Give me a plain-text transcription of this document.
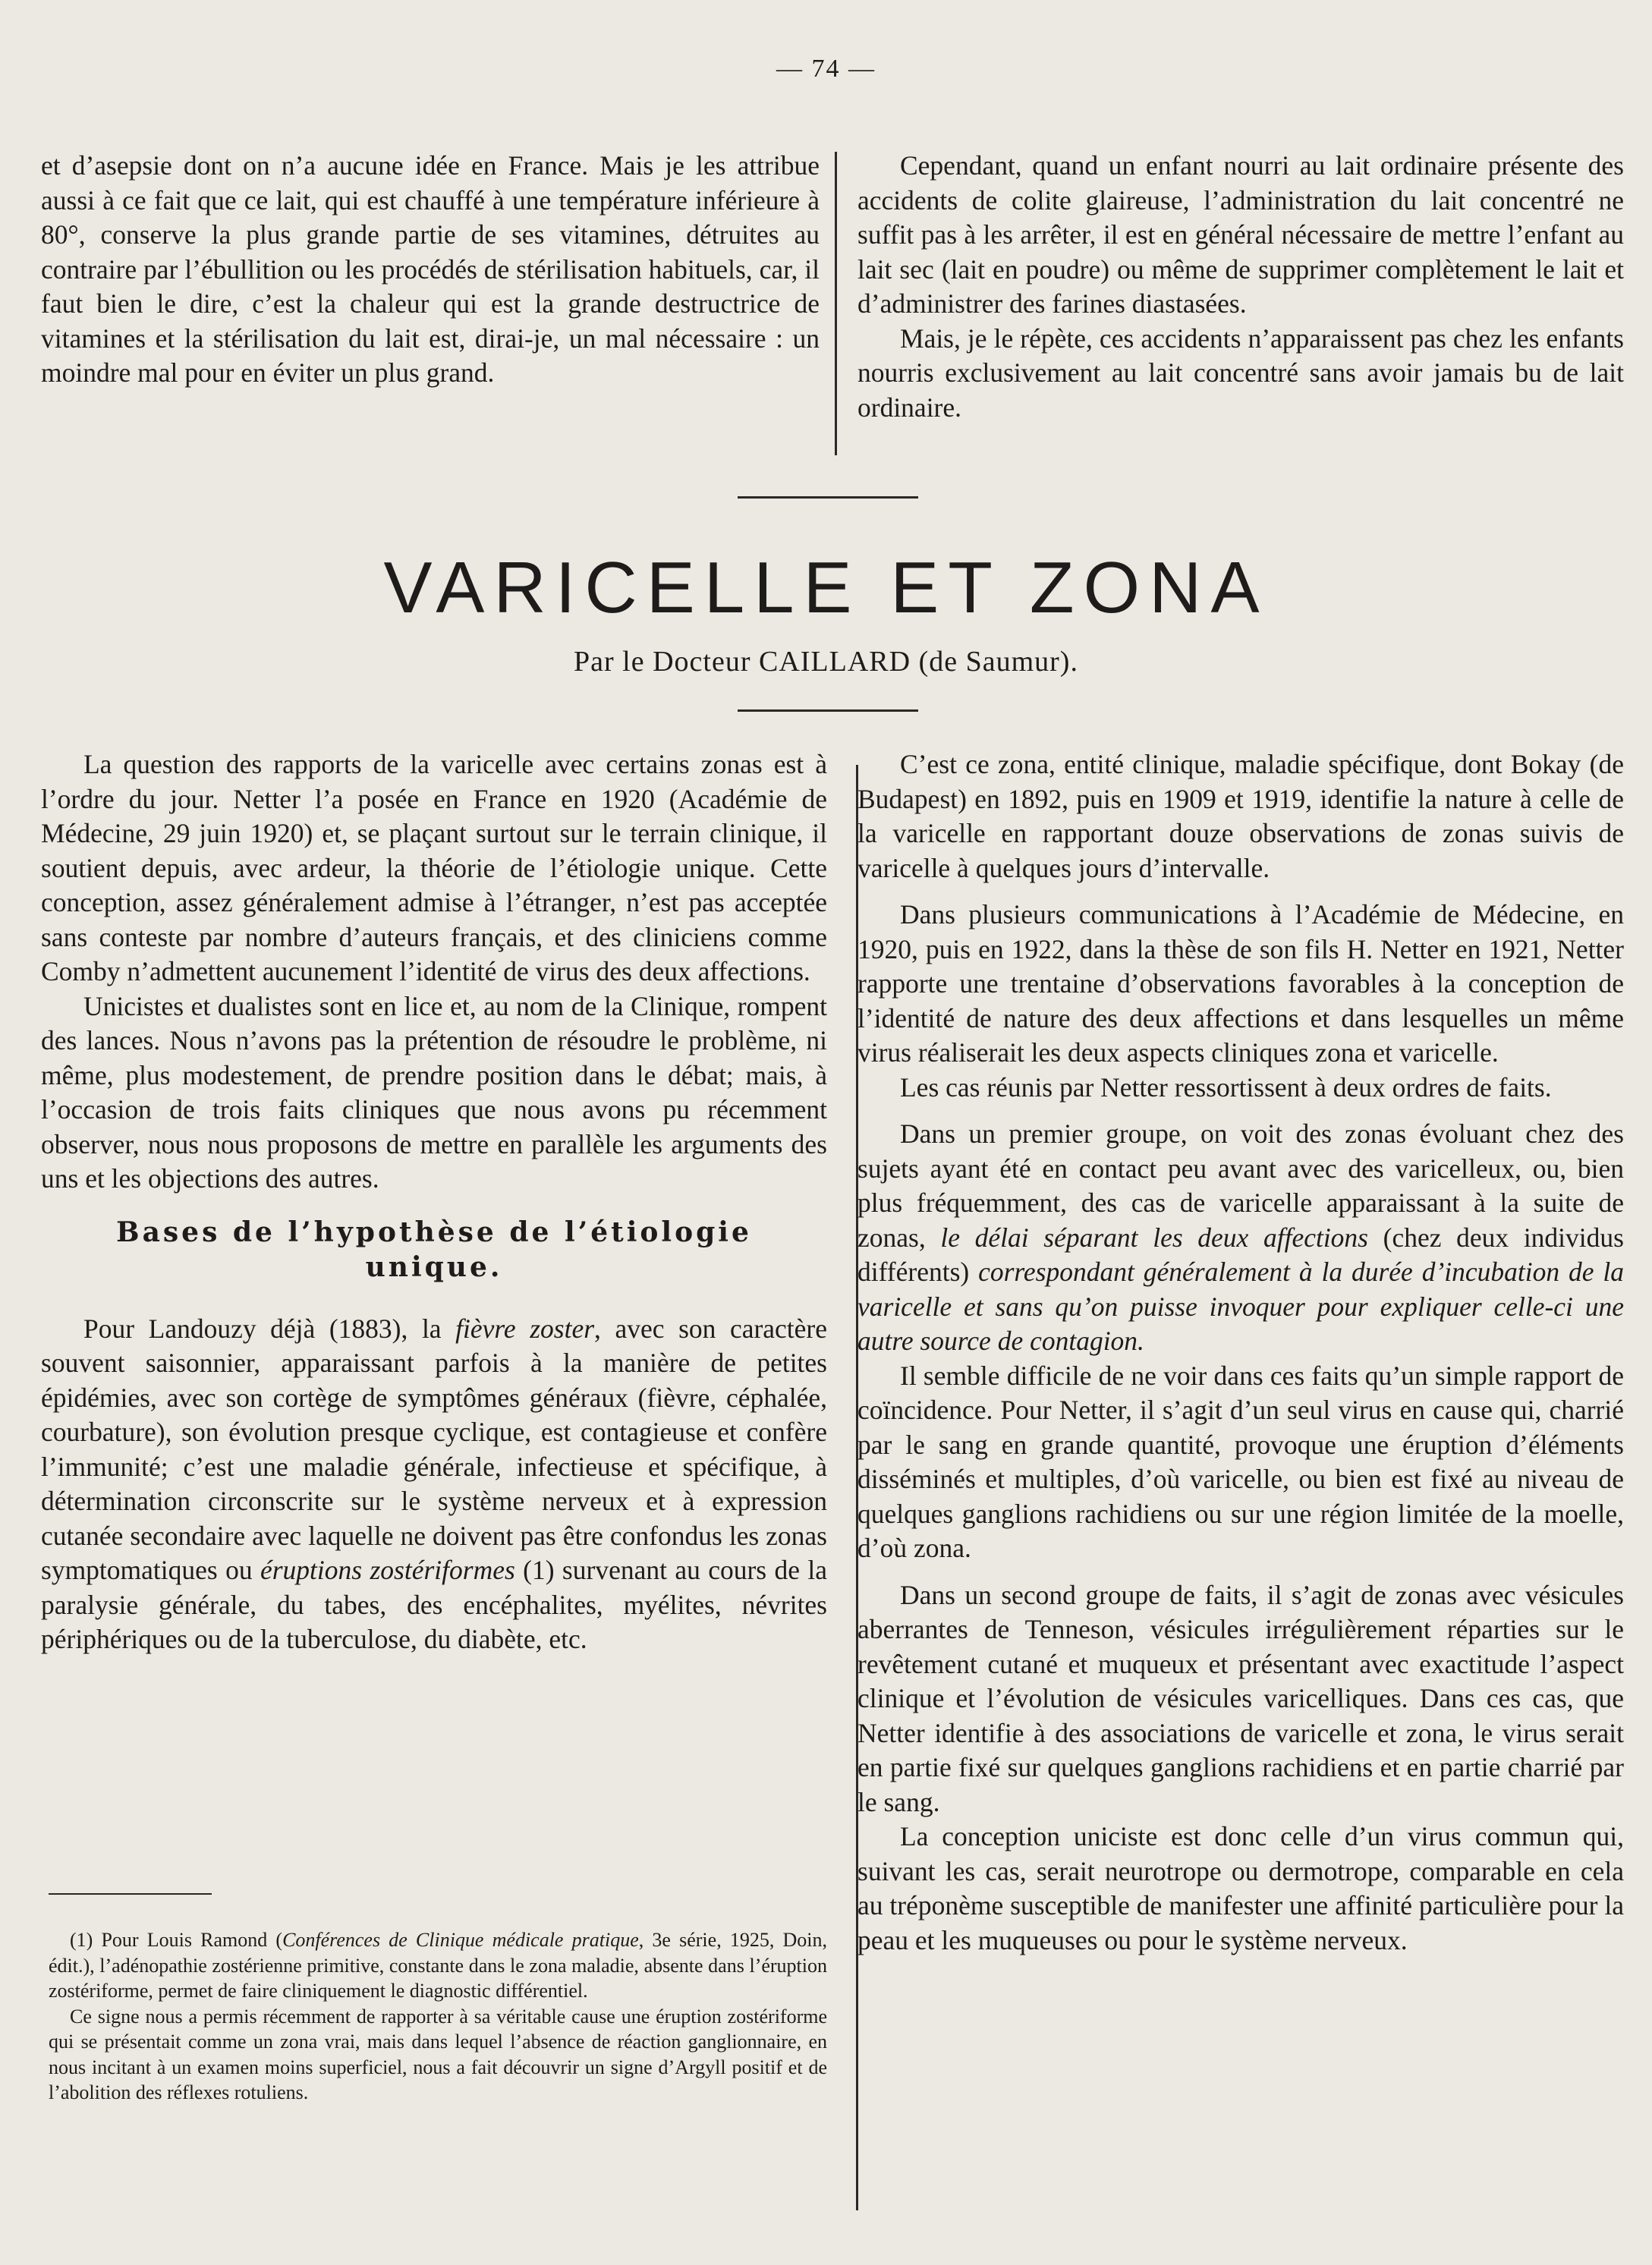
— 74 —

et d’asepsie dont on n’a aucune idée en France. Mais je les attribue aussi à ce fait que ce lait, qui est chauffé à une température inférieure à 80°, conserve la plus grande partie de ses vitamines, détruites au contraire par l’ébullition ou les procédés de stérilisation habituels, car, il faut bien le dire, c’est la chaleur qui est la grande destructrice de vitamines et la stérilisation du lait est, dirai-je, un mal nécessaire : un moindre mal pour en éviter un plus grand.

Cependant, quand un enfant nourri au lait ordinaire présente des accidents de colite glaireuse, l’administration du lait concentré ne suffit pas à les arrêter, il est en général nécessaire de mettre l’enfant au lait sec (lait en poudre) ou même de supprimer complètement le lait et d’administrer des farines diastasées.

Mais, je le répète, ces accidents n’apparaissent pas chez les enfants nourris exclusivement au lait concentré sans avoir jamais bu de lait ordinaire.

VARICELLE ET ZONA
Par le Docteur CAILLARD (de Saumur).

La question des rapports de la varicelle avec certains zonas est à l’ordre du jour. Netter l’a posée en France en 1920 (Académie de Médecine, 29 juin 1920) et, se plaçant surtout sur le terrain clinique, il soutient depuis, avec ardeur, la théorie de l’étiologie unique. Cette conception, assez généralement admise à l’étranger, n’est pas acceptée sans conteste par nombre d’auteurs français, et des cliniciens comme Comby n’admettent aucunement l’identité de virus des deux affections.

Unicistes et dualistes sont en lice et, au nom de la Clinique, rompent des lances. Nous n’avons pas la prétention de résoudre le problème, ni même, plus modestement, de prendre position dans le débat; mais, à l’occasion de trois faits cliniques que nous avons pu récemment observer, nous nous proposons de mettre en parallèle les arguments des uns et les objections des autres.

Bases de l’hypothèse de l’étiologie unique.

Pour Landouzy déjà (1883), la fièvre zoster, avec son caractère souvent saisonnier, apparaissant parfois à la manière de petites épidémies, avec son cortège de symptômes généraux (fièvre, céphalée, courbature), son évolution presque cyclique, est contagieuse et confère l’immunité; c’est une maladie générale, infectieuse et spécifique, à détermination circonscrite sur le système nerveux et à expression cutanée secondaire avec laquelle ne doivent pas être confondus les zonas symptomatiques ou éruptions zostériformes (1) survenant au cours de la paralysie générale, du tabes, des encéphalites, myélites, névrites périphériques ou de la tuberculose, du diabète, etc.

(1) Pour Louis Ramond (Conférences de Clinique médicale pratique, 3e série, 1925, Doin, édit.), l’adénopathie zostérienne primitive, constante dans le zona maladie, absente dans l’éruption zostériforme, permet de faire cliniquement le diagnostic différentiel.

Ce signe nous a permis récemment de rapporter à sa véritable cause une éruption zostériforme qui se présentait comme un zona vrai, mais dans lequel l’absence de réaction ganglionnaire, en nous incitant à un examen moins superficiel, nous a fait découvrir un signe d’Argyll positif et de l’abolition des réflexes rotuliens.

C’est ce zona, entité clinique, maladie spécifique, dont Bokay (de Budapest) en 1892, puis en 1909 et 1919, identifie la nature à celle de la varicelle en rapportant douze observations de zonas suivis de varicelle à quelques jours d’intervalle.

Dans plusieurs communications à l’Académie de Médecine, en 1920, puis en 1922, dans la thèse de son fils H. Netter en 1921, Netter rapporte une trentaine d’observations favorables à la conception de l’identité de nature des deux affections et dans lesquelles un même virus réaliserait les deux aspects cliniques zona et varicelle.

Les cas réunis par Netter ressortissent à deux ordres de faits.

Dans un premier groupe, on voit des zonas évoluant chez des sujets ayant été en contact peu avant avec des varicelleux, ou, bien plus fréquemment, des cas de varicelle apparaissant à la suite de zonas, le délai séparant les deux affections (chez deux individus différents) correspondant généralement à la durée d’incubation de la varicelle et sans qu’on puisse invoquer pour expliquer celle-ci une autre source de contagion.

Il semble difficile de ne voir dans ces faits qu’un simple rapport de coïncidence. Pour Netter, il s’agit d’un seul virus en cause qui, charrié par le sang en grande quantité, provoque une éruption d’éléments disséminés et multiples, d’où varicelle, ou bien est fixé au niveau de quelques ganglions rachidiens ou sur une région limitée de la moelle, d’où zona.

Dans un second groupe de faits, il s’agit de zonas avec vésicules aberrantes de Tenneson, vésicules irrégulièrement réparties sur le revêtement cutané et muqueux et présentant avec exactitude l’aspect clinique et l’évolution de vésicules varicelliques. Dans ces cas, que Netter identifie à des associations de varicelle et zona, le virus serait en partie fixé sur quelques ganglions rachidiens et en partie charrié par le sang.

La conception uniciste est donc celle d’un virus commun qui, suivant les cas, serait neurotrope ou dermotrope, comparable en cela au tréponème susceptible de manifester une affinité particulière pour la peau et les muqueuses ou pour le système nerveux.
